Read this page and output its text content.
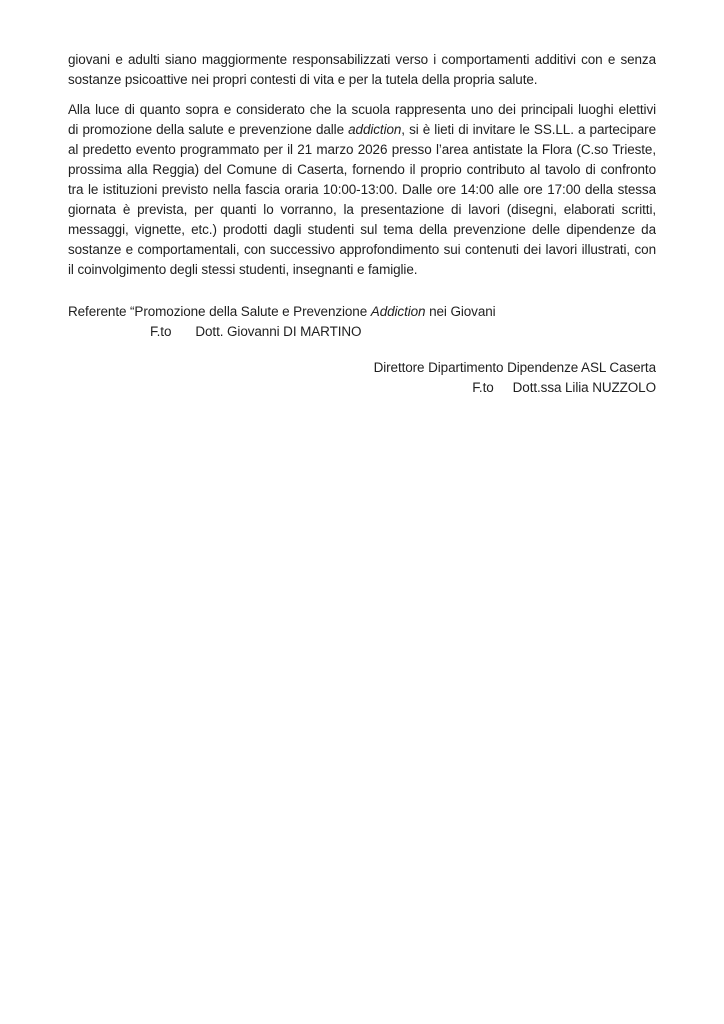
giovani e adulti siano maggiormente responsabilizzati verso i comportamenti additivi con e senza
sostanze psicoattive nei propri contesti di vita e per la tutela della propria salute.
Alla luce di quanto sopra e considerato che la scuola rappresenta uno dei principali luoghi elettivi
di promozione della salute e prevenzione dalle addiction, si è lieti di invitare le SS.LL. a partecipare
al predetto evento programmato per il 21 marzo 2026 presso l’area antistate la Flora (C.so Trieste,
prossima alla Reggia) del Comune di Caserta, fornendo il proprio contributo al tavolo di confronto
tra le istituzioni previsto nella fascia oraria 10:00-13:00. Dalle ore 14:00 alle ore 17:00 della stessa
giornata è prevista, per quanti lo vorranno, la presentazione di lavori (disegni, elaborati scritti,
messaggi, vignette, etc.) prodotti dagli studenti sul tema della prevenzione delle dipendenze da
sostanze e comportamentali, con successivo approfondimento sui contenuti dei lavori illustrati, con
il coinvolgimento degli stessi studenti, insegnanti e famiglie.
Referente “Promozione della Salute e Prevenzione Addiction nei Giovani
F.to Dott. Giovanni DI MARTINO
Direttore Dipartimento Dipendenze ASL Caserta
F.to Dott.ssa Lilia NUZZOLO
